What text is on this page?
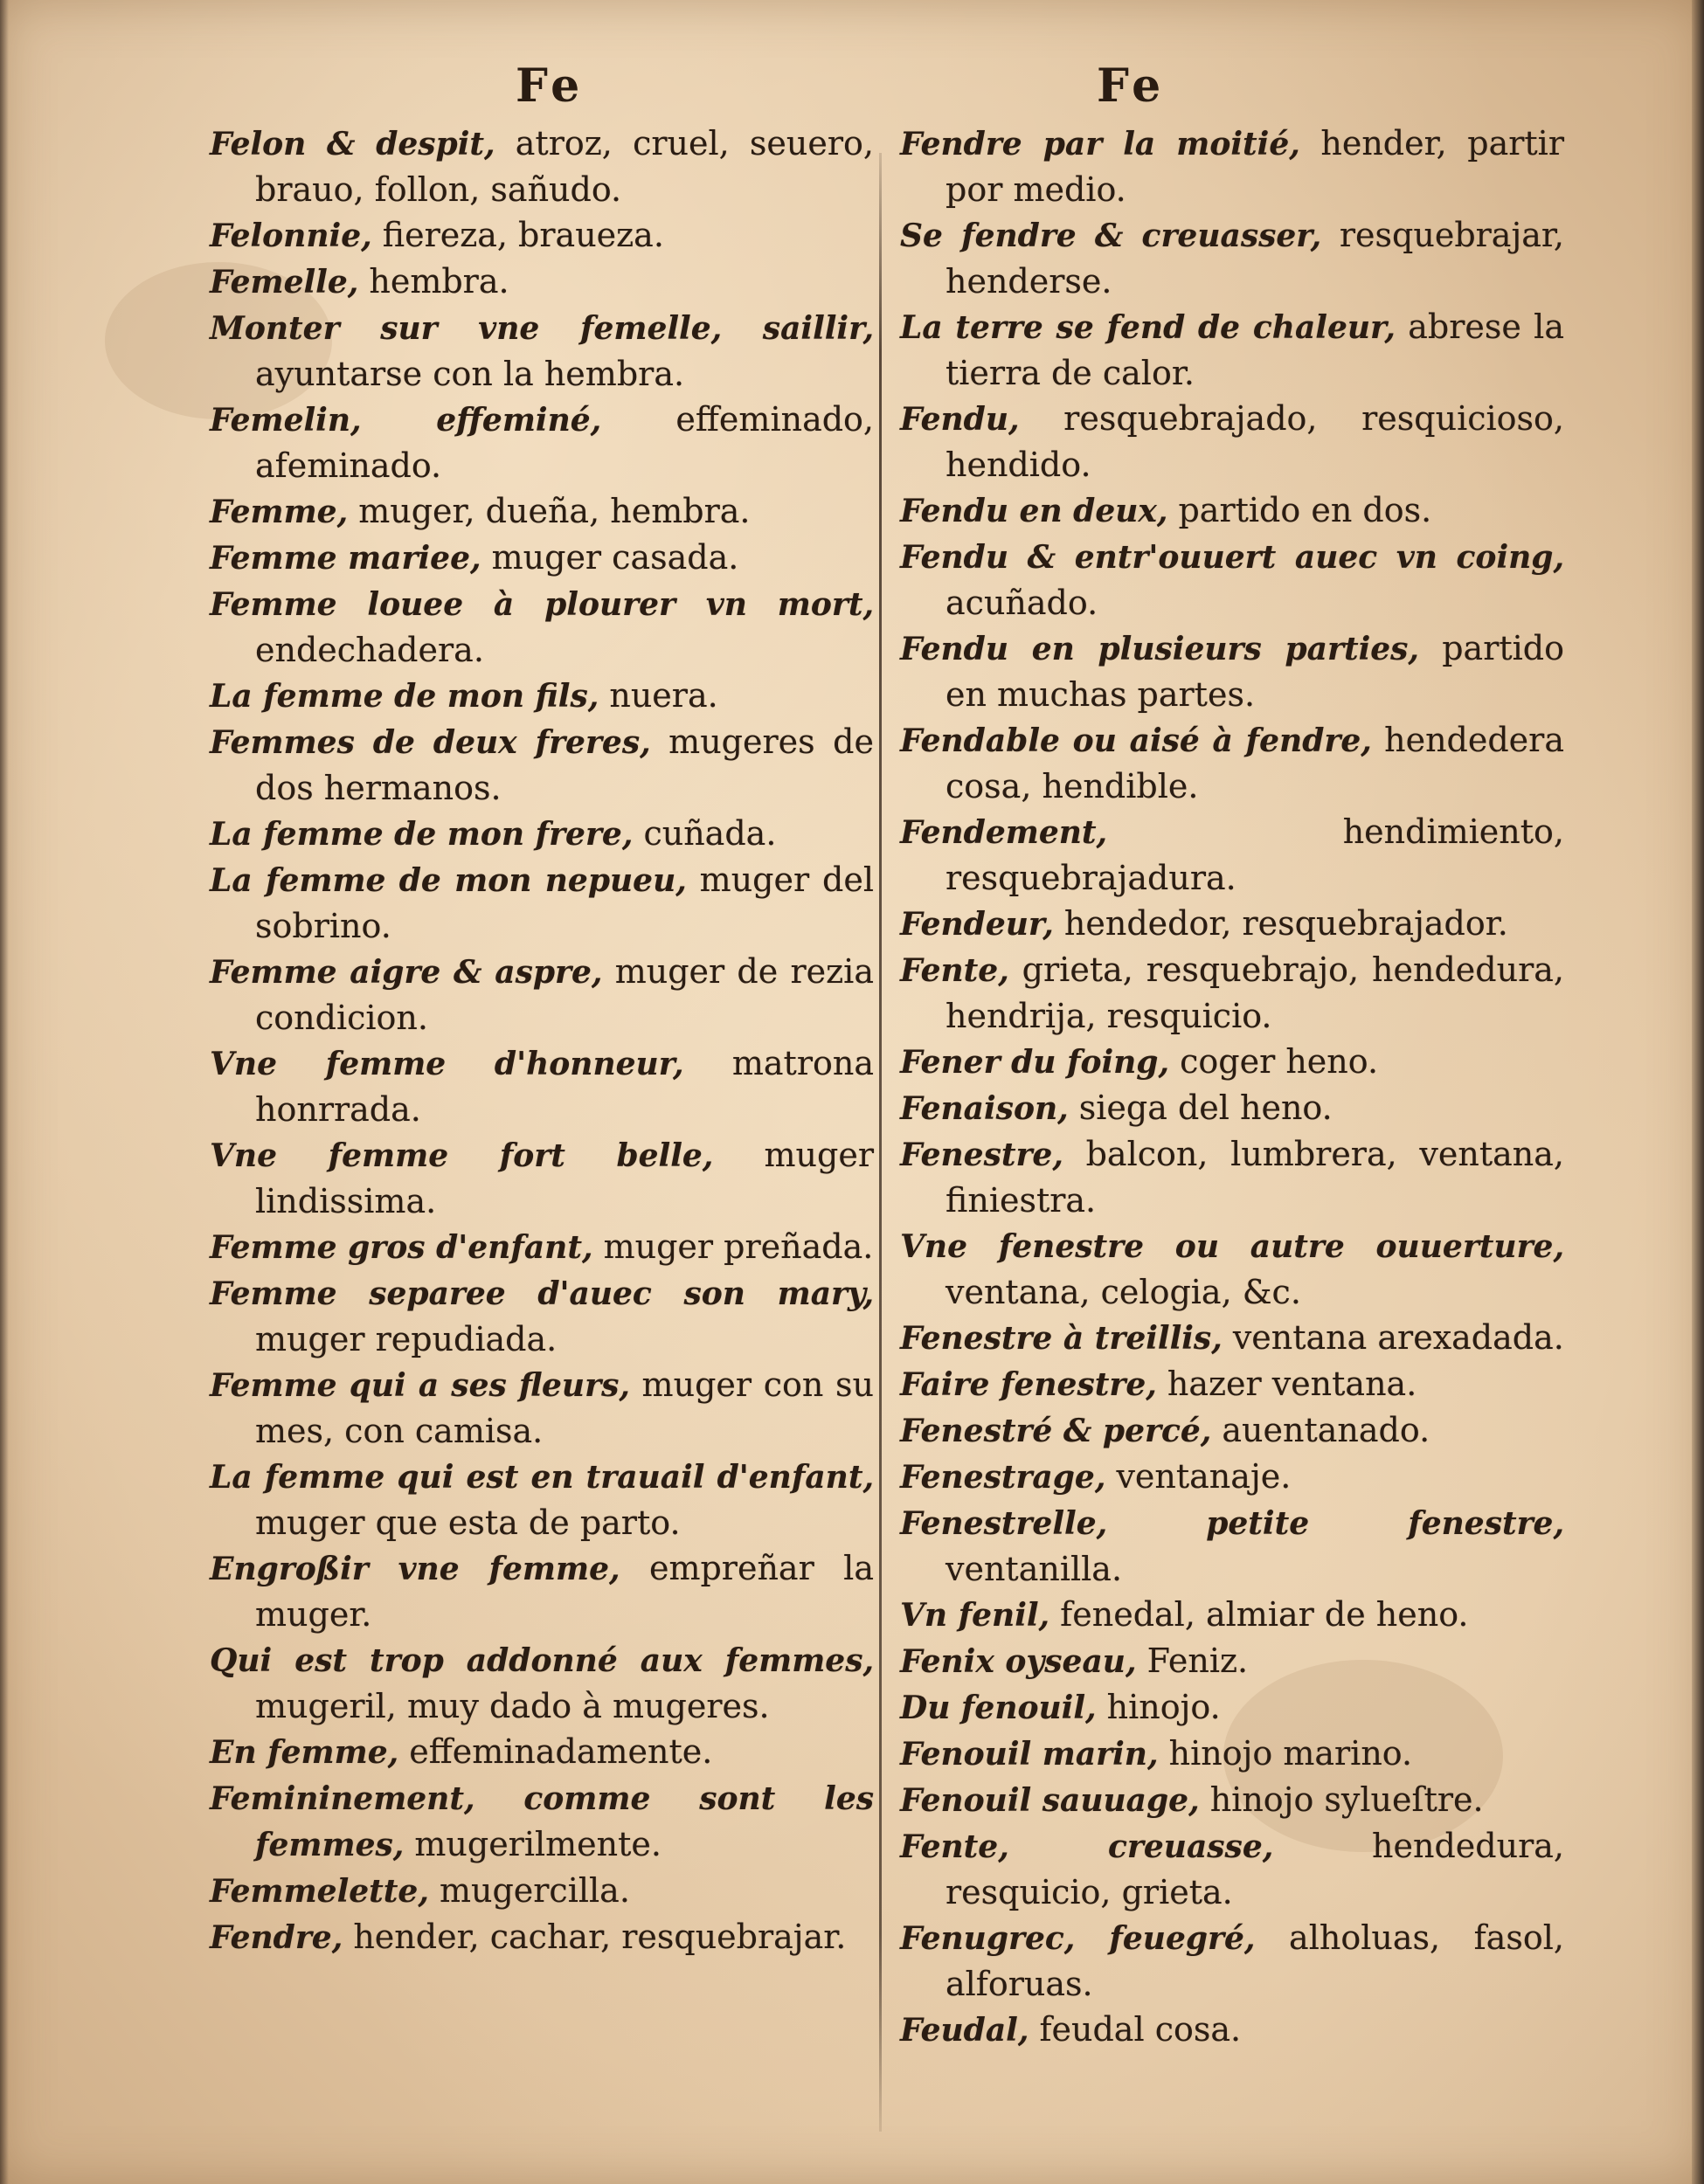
Fe	Fe

Felon & despit, atroz, cruel, seuero, brauo, follon, sañudo.

Felonnie, fiereza, braueza.

Femelle, hembra.

Monter sur vne femelle, saillir, ayuntarse con la hembra.

Femelin, effeminé, effeminado, afeminado.

Femme, muger, dueña, hembra.

Femme mariee, muger casada.

Femme louee à plourer vn mort, endechadera.

La femme de mon fils, nuera.

Femmes de deux freres, mugeres de dos hermanos.

La femme de mon frere, cuñada.

La femme de mon nepueu, muger del sobrino.

Femme aigre & aspre, muger de rezia condicion.

Vne femme d'honneur, matrona honrrada.

Vne femme fort belle, muger lindissima.

Femme gros d'enfant, muger preñada.

Femme separee d'auec son mary, muger repudiada.

Femme qui a ses fleurs, muger con su mes, con camisa.

La femme qui est en trauail d'enfant, muger que esta de parto.

Engroßir vne femme, empreñar la muger.

Qui est trop addonné aux femmes, mugeril, muy dado à mugeres.

En femme, effeminadamente.

Femininement, comme sont les femmes, mugerilmente.

Femmelette, mugercilla.

Fendre, hender, cachar, resquebrajar.

Fendre par la moitié, hender, partir por medio.

Se fendre & creuasser, resquebrajar, henderse.

La terre se fend de chaleur, abrese la tierra de calor.

Fendu, resquebrajado, resquicioso, hendido.

Fendu en deux, partido en dos.

Fendu & entr'ouuert auec vn coing, acuñado.

Fendu en plusieurs parties, partido en muchas partes.

Fendable ou aisé à fendre, hendedera cosa, hendible.

Fendement, hendimiento, resquebrajadura.

Fendeur, hendedor, resquebrajador.

Fente, grieta, resquebrajo, hendedura, hendrija, resquicio.

Fener du foing, coger heno.

Fenaison, siega del heno.

Fenestre, balcon, lumbrera, ventana, finiestra.

Vne fenestre ou autre ouuerture, ventana, celogia, &c.

Fenestre à treillis, ventana arexadada.

Faire fenestre, hazer ventana.

Fenestré & percé, auentanado.

Fenestrage, ventanaje.

Fenestrelle, petite fenestre, ventanilla.

Vn fenil, fenedal, almiar de heno.

Fenix oyseau, Feniz.

Du fenouil, hinojo.

Fenouil marin, hinojo marino.

Fenouil sauuage, hinojo sylueſtre.

Fente, creuasse, hendedura, resquicio, grieta.

Fenugrec, feuegré, alholuas, fasol, alforuas.

Feudal, feudal cosa.
